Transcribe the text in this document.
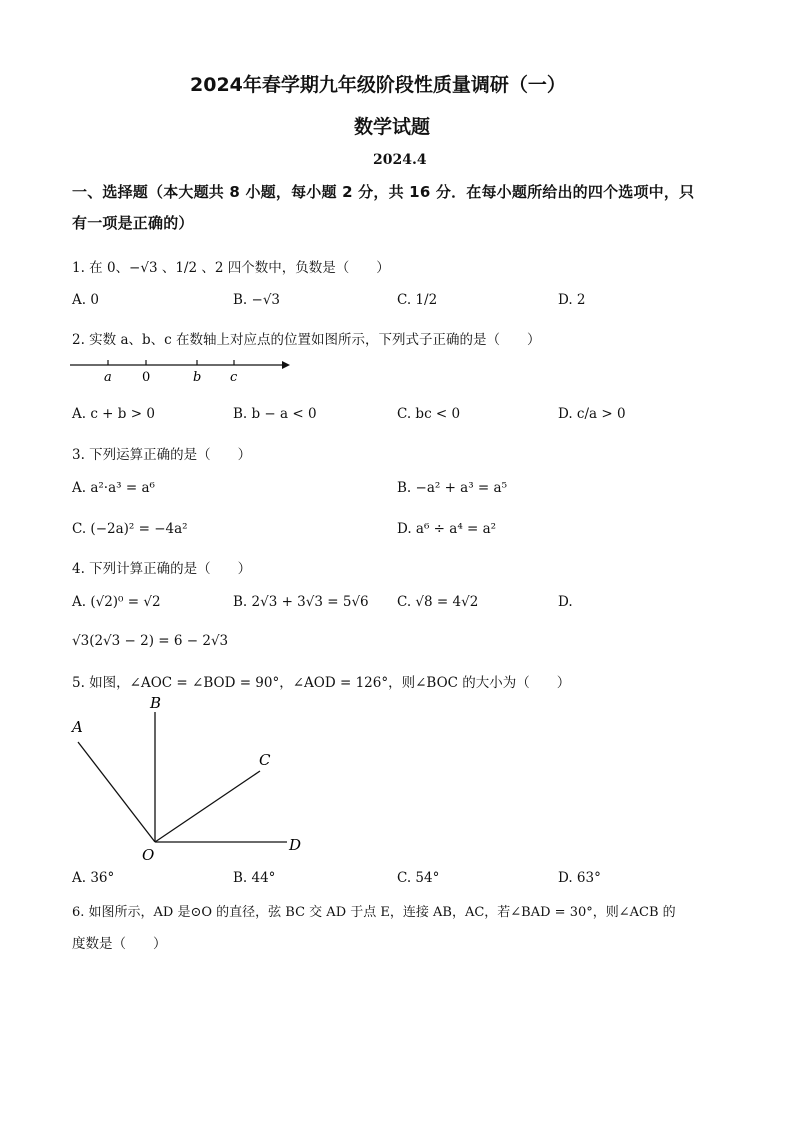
2024年春学期九年级阶段性质量调研（一）
数学试题
2024.4
一、选择题（本大题共 8 小题，每小题 2 分，共 16 分．在每小题所给出的四个选项中，只
有一项是正确的）
1. 在 0、−√3 、1/2 、2 四个数中，负数是（　　）
A. 0	B. −√3	C. 1/2	D. 2
2. 实数 a、b、c 在数轴上对应点的位置如图所示，下列式子正确的是（　　）
a 0	b c
A. c + b > 0	B. b − a < 0	C. bc < 0	D. c/a > 0
3. 下列运算正确的是（　　）
A. a²·a³ = a⁶	B. −a² + a³ = a⁵
C. (−2a)² = −4a²	D. a⁶ ÷ a⁴ = a²
4. 下列计算正确的是（　　）
A. (√2)⁰ = √2	B. 2√3 + 3√3 = 5√6 C. √8 = 4√2	D.
√3(2√3 − 2) = 6 − 2√3
5. 如图，∠AOC = ∠BOD = 90°，∠AOD = 126°，则∠BOC 的大小为（　　）
A
B
C
D
O
A. 36°	B. 44°	C. 54°	D. 63°
6. 如图所示，AD 是⊙O 的直径，弦 BC 交 AD 于点 E，连接 AB，AC，若∠BAD = 30°，则∠ACB 的
度数是（　　）
